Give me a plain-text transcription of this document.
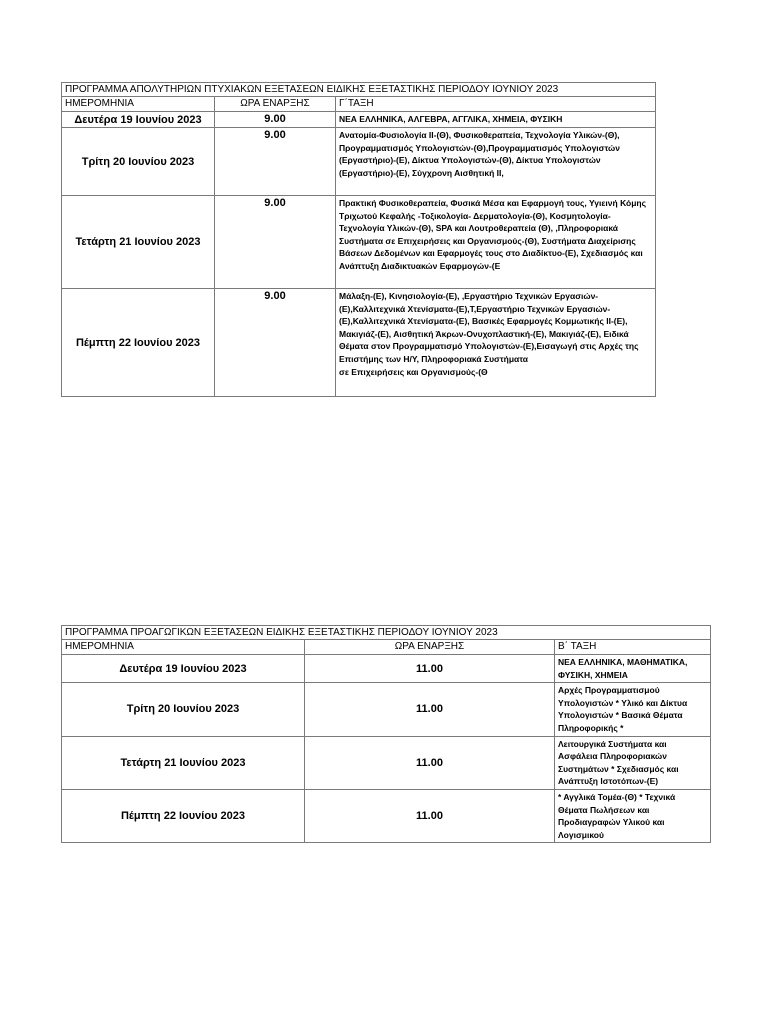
ΠΡΟΓΡΑΜΜΑ ΑΠΟΛΥΤΗΡΙΩΝ ΠΤΥΧΙΑΚΩΝ ΕΞΕΤΑΣΕΩΝ ΕΙΔΙΚΗΣ ΕΞΕΤΑΣΤΙΚΗΣ ΠΕΡΙΟΔΟΥ ΙΟΥΝΙΟΥ 2023		
ΗΜΕΡΟΜΗΝΙΑ	ΩΡΑ ΕΝΑΡΞΗΣ	Γ΄ΤΑΞΗ
Δευτέρα 19 Ιουνίου 2023	9.00	ΝΕΑ ΕΛΛΗΝΙΚΑ, ΑΛΓΕΒΡΑ, ΑΓΓΛΙΚΑ, ΧΗΜΕΙΑ, ΦΥΣΙΚΗ
Τρίτη 20 Ιουνίου 2023	9.00	Ανατομία-Φυσιολογία ΙΙ-(Θ), Φυσικοθεραπεία, Τεχνολογία Υλικών-(Θ), Προγραμματισμός Υπολογιστών-(Θ),Προγραμματισμός Υπολογιστών
(Εργαστήριο)-(Ε), Δίκτυα Υπολογιστών-(Θ), Δίκτυα Υπολογιστών (Εργαστήριο)-(Ε), Σύγχρονη Αισθητική ΙΙ,
Τετάρτη 21 Ιουνίου 2023	9.00	Πρακτική Φυσικοθεραπεία, Φυσικά Μέσα και Εφαρμογή τους, Υγιεινή Κόμης Τριχωτού Κεφαλής -Τοξικολογία- Δερματολογία-(Θ), Κοσμητολογία-Τεχνολογία Υλικών-(Θ), SPA και Λουτροθεραπεία (Θ), ,Πληροφοριακά Συστήματα σε Επιχειρήσεις και Οργανισμούς-(Θ), Συστήματα Διαχείρισης Βάσεων Δεδομένων και Εφαρμογές τους στο Διαδίκτυο-(Ε), Σχεδιασμός και Ανάπτυξη Διαδικτυακών Εφαρμογών-(Ε
Πέμπτη 22 Ιουνίου 2023	9.00	Μάλαξη-(Ε), Κινησιολογία-(Ε), ,Εργαστήριο Τεχνικών Εργασιών-(Ε),Καλλιτεχνικά Χτενίσματα-(Ε),Τ,Εργαστήριο Τεχνικών Εργασιών-(Ε),Καλλιτεχνικά Χτενίσματα-(Ε), Βασικές Εφαρμογές Κομμωτικής ΙΙ-(Ε), Μακιγιάζ-(Ε), Αισθητική Άκρων-Ονυχοπλαστική-(Ε), Μακιγιάζ-(Ε), Ειδικά Θέματα στον Προγραμματισμό Υπολογιστών-(Ε),Εισαγωγή στις Αρχές της Επιστήμης των Η/Υ, Πληροφοριακά Συστήματα
σε Επιχειρήσεις και Οργανισμούς-(Θ
ΠΡΟΓΡΑΜΜΑ ΠΡΟΑΓΩΓΙΚΩΝ ΕΞΕΤΑΣΕΩΝ ΕΙΔΙΚΗΣ ΕΞΕΤΑΣΤΙΚΗΣ ΠΕΡΙΟΔΟΥ ΙΟΥΝΙΟΥ 2023		
ΗΜΕΡΟΜΗΝΙΑ	ΩΡΑ ΕΝΑΡΞΗΣ	Β΄ ΤΑΞΗ
Δευτέρα 19 Ιουνίου 2023	11.00	ΝΕΑ ΕΛΛΗΝΙΚΑ, ΜΑΘΗΜΑΤΙΚΑ, ΦΥΣΙΚΗ, ΧΗΜΕΙΑ
Τρίτη 20 Ιουνίου 2023	11.00	Αρχές Προγραμματισμού Υπολογιστών * Υλικό και Δίκτυα Υπολογιστών * Βασικά Θέματα Πληροφορικής *
Τετάρτη 21 Ιουνίου 2023	11.00	Λειτουργικά Συστήματα και Ασφάλεια Πληροφοριακών Συστημάτων * Σχεδιασμός και Ανάπτυξη Ιστοτόπων-(Ε)
Πέμπτη 22 Ιουνίου 2023	11.00	* Αγγλικά Τομέα-(Θ) * Τεχνικά Θέματα Πωλήσεων και Προδιαγραφών Υλικού και Λογισμικού
